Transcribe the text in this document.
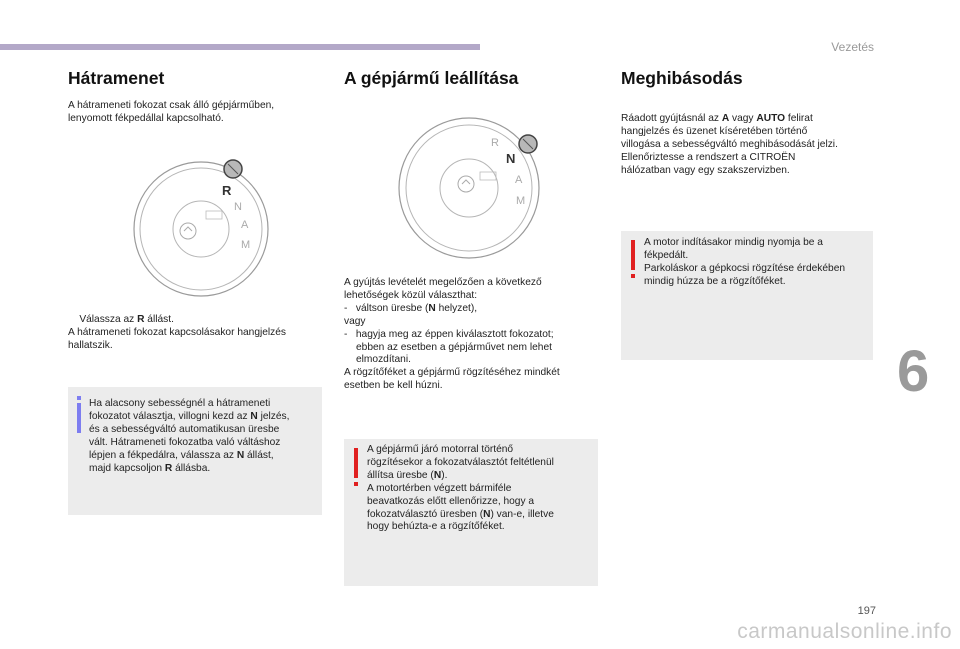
Vezetés
6
197
carmanualsonline.info
Hátramenet

A hátrameneti fokozat csak álló gépjárműben,

lenyomott fékpedállal kapcsolható.

R
N
A
M

Válassza az R állást.

A hátrameneti fokozat kapcsolásakor hangjelzés

hallatszik.

Ha alacsony sebességnél a hátrameneti

fokozatot választja, villogni kezd az N jelzés,

és a sebességváltó automatikusan üresbe

vált. Hátrameneti fokozatba való váltáshoz

lépjen a fékpedálra, válassza az N állást,

majd kapcsoljon R állásba.

A gépjármű leállítása
R
N
A
M

A gyújtás levételét megelőzően a következő

lehetőségek közül választhat:

-   váltson üresbe (N helyzet),

vagy

-   hagyja meg az éppen kiválasztott fokozatot;

ebben az esetben a gépjárművet nem lehet

elmozdítani.

A rögzítőféket a gépjármű rögzítéséhez mindkét

esetben be kell húzni.

A gépjármű járó motorral történő

rögzítésekor a fokozatválasztót feltétlenül

állítsa üresbe (N).

A motortérben végzett bármiféle

beavatkozás előtt ellenőrizze, hogy a

fokozatválasztó üresben (N) van-e, illetve

hogy behúzta-e a rögzítőféket.

Meghibásodás

Ráadott gyújtásnál az A vagy AUTO felirat

hangjelzés és üzenet kíséretében történő

villogása a sebességváltó meghibásodását jelzi.

Ellenőriztesse a rendszert a CITROËN

hálózatban vagy egy szakszervizben.

A motor indításakor mindig nyomja be a

fékpedált.

Parkoláskor a gépkocsi rögzítése érdekében

mindig húzza be a rögzítőféket.
